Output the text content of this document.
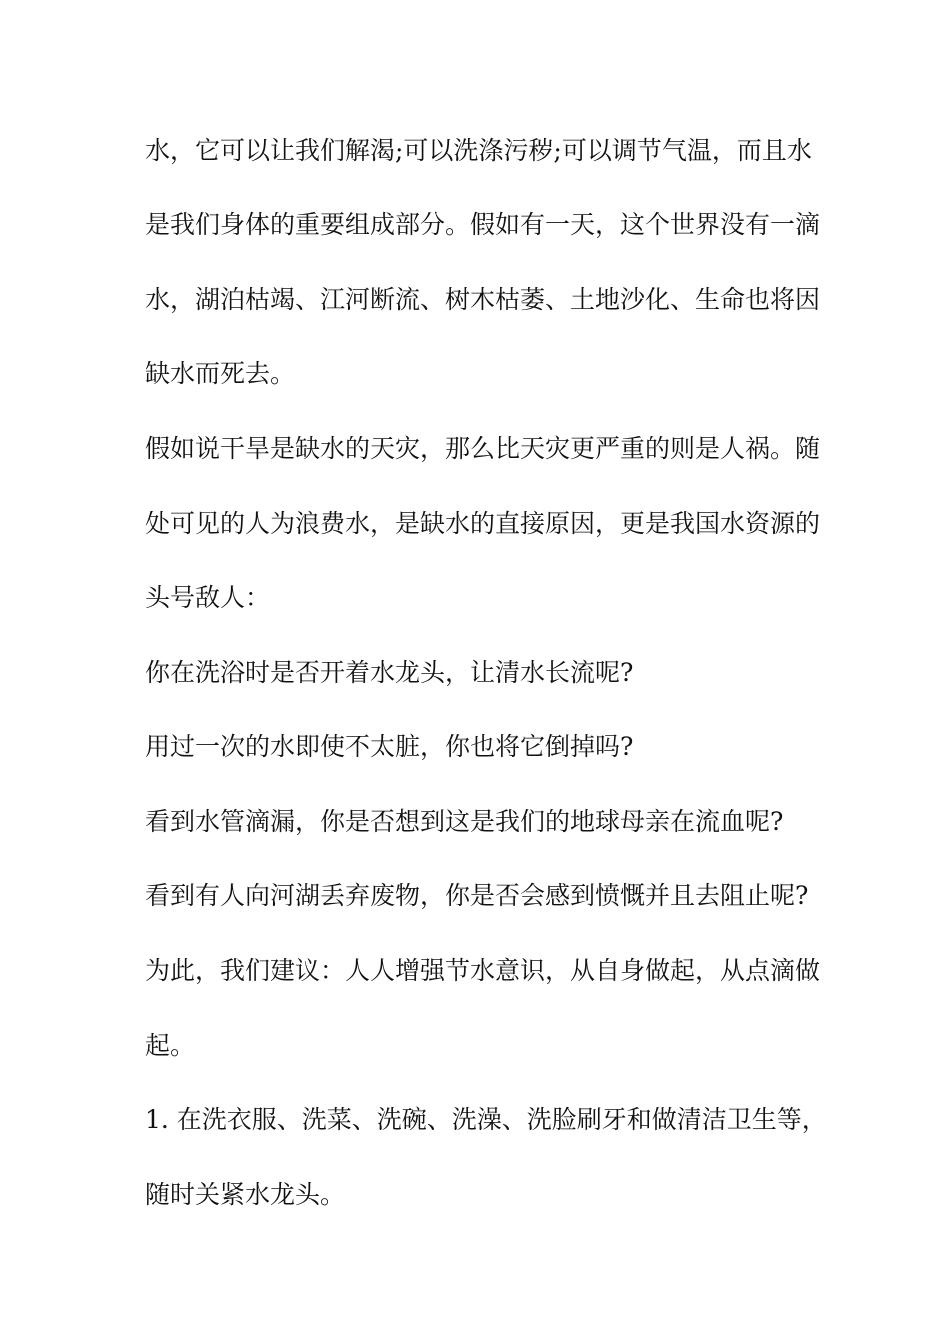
水，它可以让我们解渴;可以洗涤污秽;可以调节气温，而且水
是我们身体的重要组成部分。假如有一天，这个世界没有一滴
水，湖泊枯竭、江河断流、树木枯萎、土地沙化、生命也将因
缺水而死去。
假如说干旱是缺水的天灾，那么比天灾更严重的则是人祸。随
处可见的人为浪费水，是缺水的直接原因，更是我国水资源的
头号敌人：
你在洗浴时是否开着水龙头，让清水长流呢?
用过一次的水即使不太脏，你也将它倒掉吗?
看到水管滴漏，你是否想到这是我们的地球母亲在流血呢?
看到有人向河湖丢弃废物，你是否会感到愤慨并且去阻止呢?
为此，我们建议：人人增强节水意识，从自身做起，从点滴做
起。
1. 在洗衣服、洗菜、洗碗、洗澡、洗脸刷牙和做清洁卫生等，
随时关紧水龙头。
